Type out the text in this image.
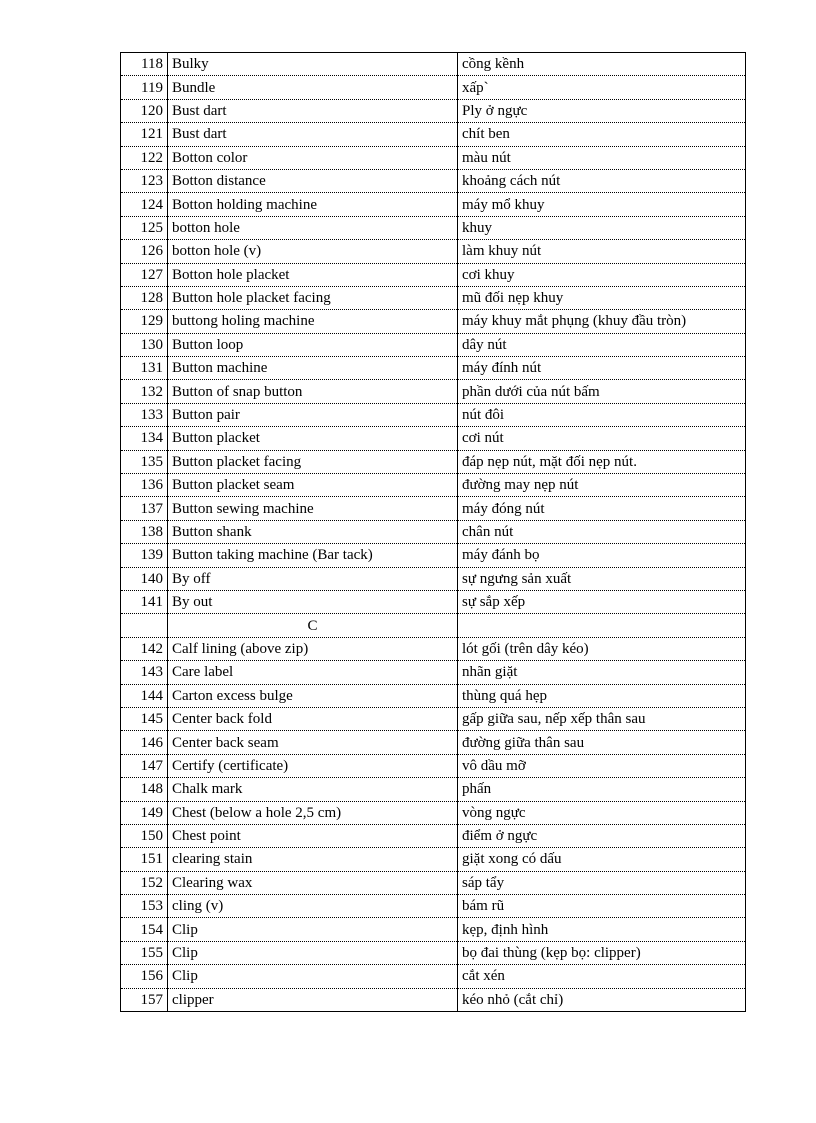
118	Bulky	cồng kềnh
119	Bundle	xấp`
120	Bust dart	Ply ở ngực
121	Bust dart	chít ben
122	Botton color	màu nút
123	Botton distance	khoảng cách nút
124	Botton holding machine	máy mổ khuy
125	botton hole	khuy
126	botton hole (v)	làm khuy nút
127	Botton hole placket	cơi khuy
128	Button hole placket facing	mũ đối nẹp khuy
129	buttong holing machine	máy khuy mắt phụng (khuy đầu tròn)
130	Button loop	dây nút
131	Button machine	máy đính nút
132	Button of snap button	phần dưới của nút bấm
133	Button pair	nút đôi
134	Button placket	cơi nút
135	Button placket facing	đáp nẹp nút, mặt đối nẹp nút.
136	Button placket seam	đường may nẹp nút
137	Button sewing machine	máy đóng nút
138	Button shank	chân nút
139	Button taking machine (Bar tack)	máy đánh bọ
140	By off	sự ngưng sản xuất
141	By out	sự sắp xếp
	C	
142	Calf lining (above zip)	lót gối (trên dây kéo)
143	Care label	nhãn giặt
144	Carton excess bulge	thùng quá hẹp
145	Center back fold	gấp giữa sau, nếp xếp thân sau
146	Center back seam	đường giữa thân sau
147	Certify (certificate)	vô dầu mỡ
148	Chalk mark	phấn
149	Chest (below a hole 2,5 cm)	vòng ngực
150	Chest point	điểm ở ngực
151	clearing stain	giặt xong có dấu
152	Clearing wax	sáp tẩy
153	cling (v)	bám rũ
154	Clip	kẹp, định hình
155	Clip	bọ đai thùng (kẹp bọ: clipper)
156	Clip	cắt xén
157	clipper	kéo nhỏ (cắt chỉ)
